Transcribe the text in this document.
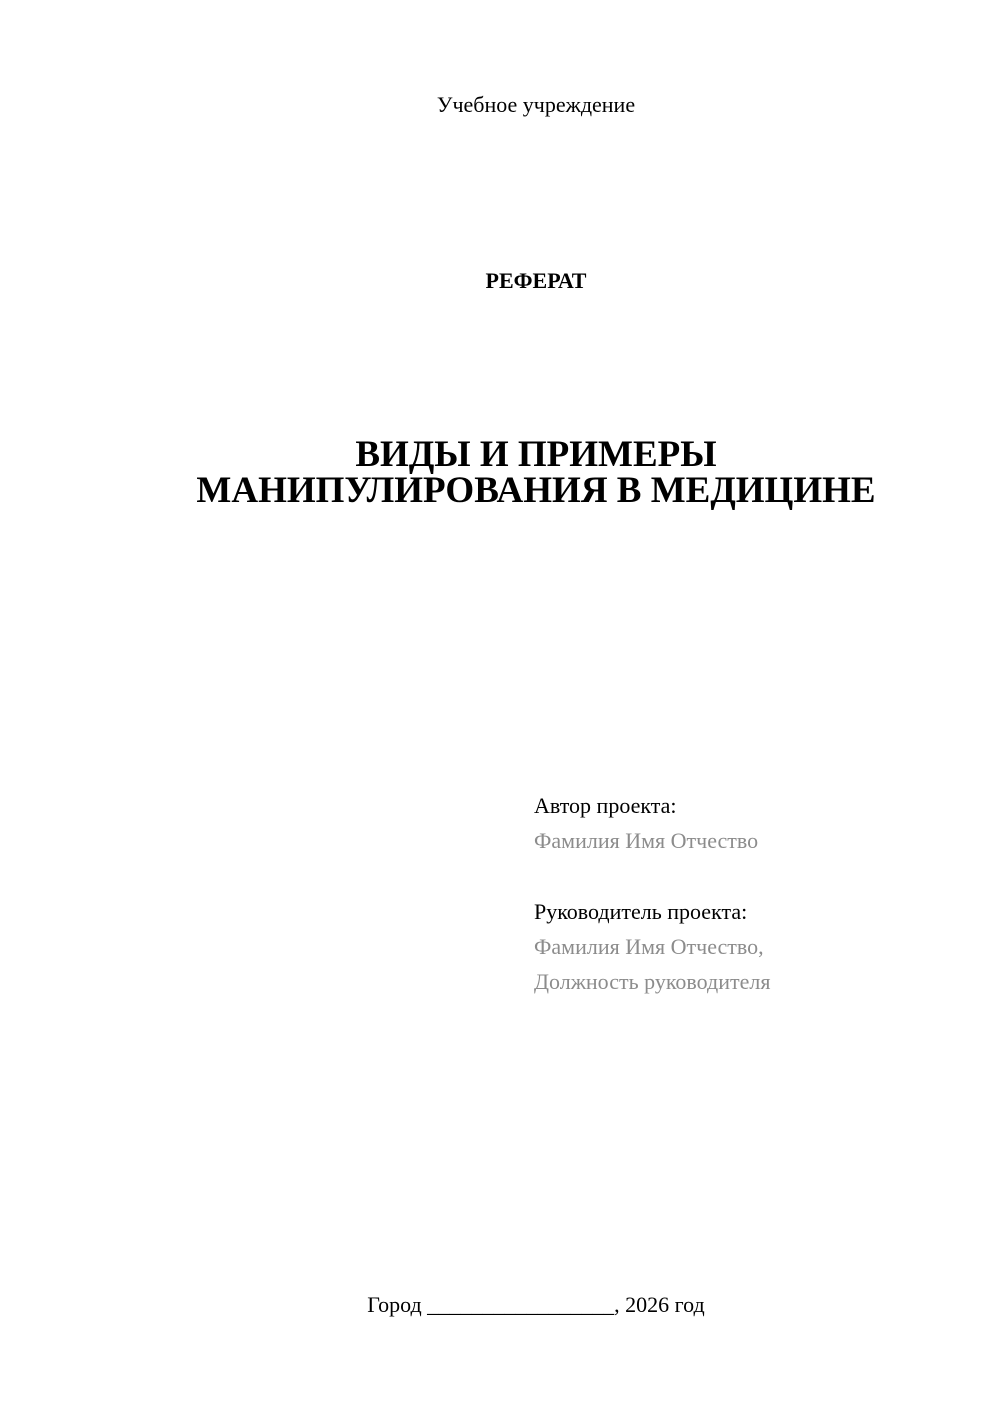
Учебное учреждение
РЕФЕРАТ
ВИДЫ И ПРИМЕРЫ
МАНИПУЛИРОВАНИЯ В МЕДИЦИНЕ
Автор проекта:
Фамилия Имя Отчество
Руководитель проекта:
Фамилия Имя Отчество,
Должность руководителя
Город _________________, 2026 год
